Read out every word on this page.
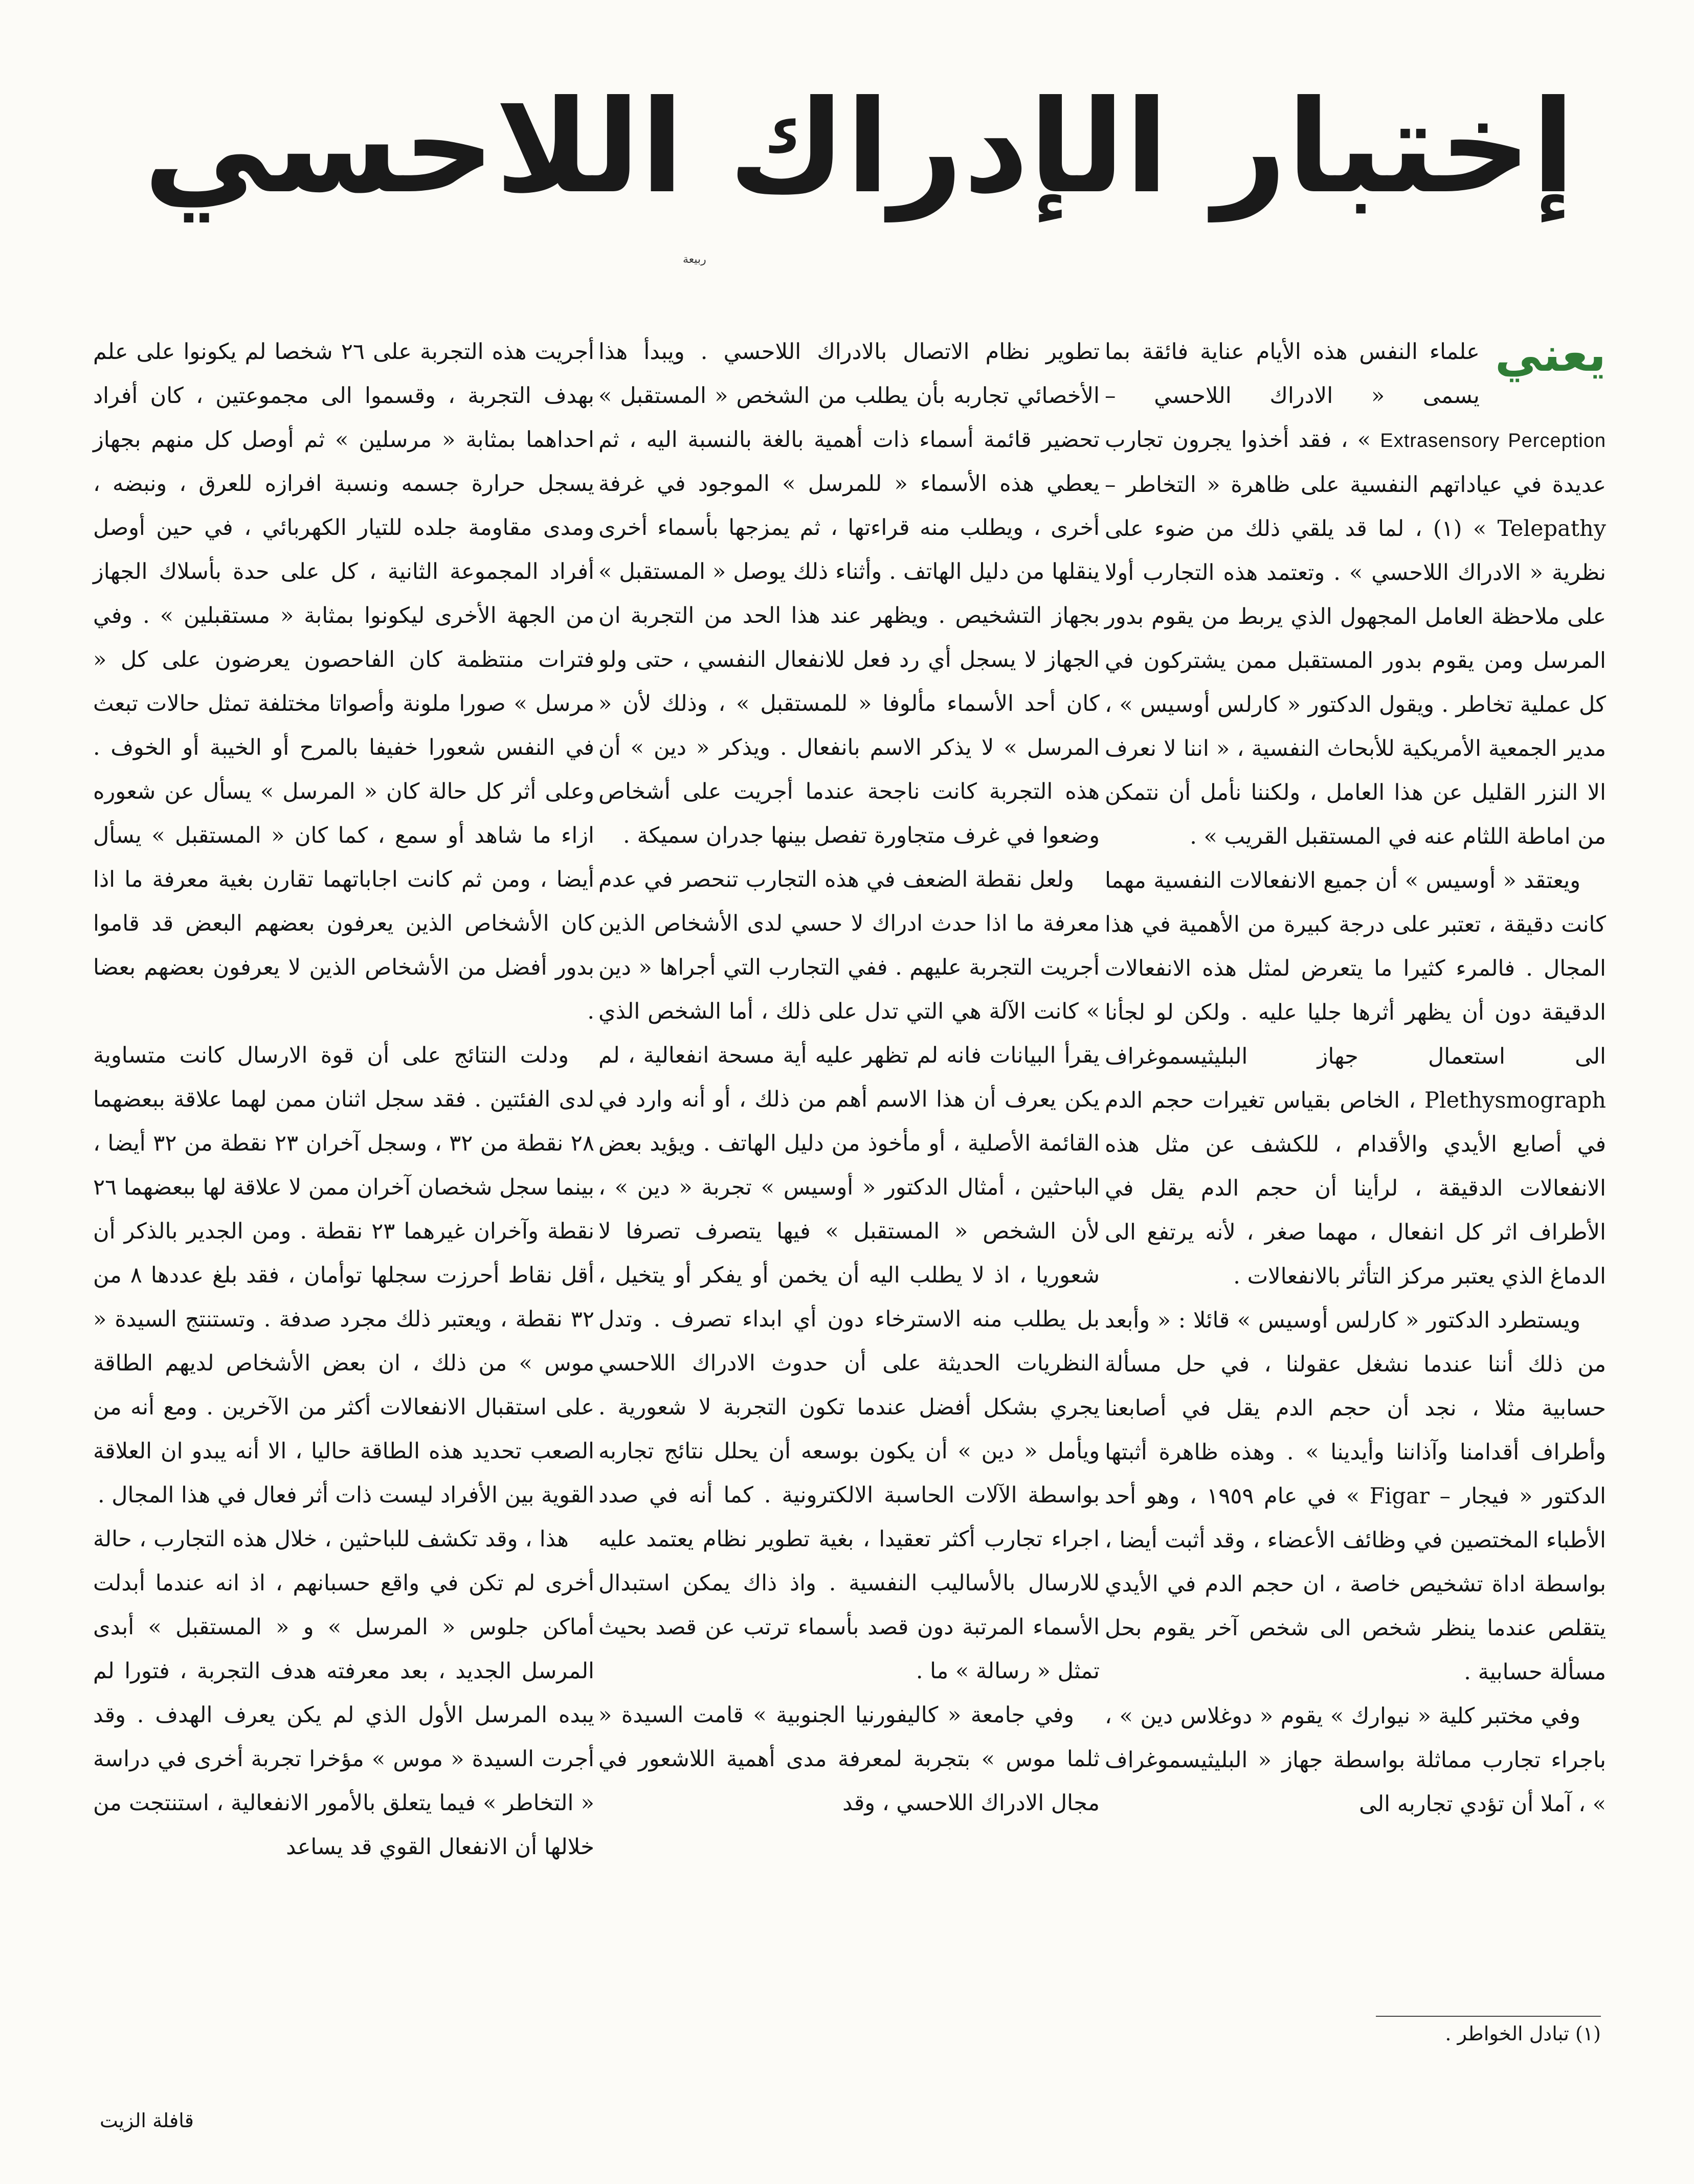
إختبار الإدراك اللاحسي
ربيعة

يعني
علماء النفس هذه الأيام عناية فائقة بما يسمى « الادراك اللاحسي – Extrasensory Perception » ، فقد أخذوا يجرون تجارب عديدة في عياداتهم النفسية على ظاهرة « التخاطر – Telepathy » (١) ، لما قد يلقي ذلك من ضوء على نظرية « الادراك اللاحسي » . وتعتمد هذه التجارب أولا على ملاحظة العامل المجهول الذي يربط من يقوم بدور المرسل ومن يقوم بدور المستقبل ممن يشتركون في كل عملية تخاطر . ويقول الدكتور « كارلس أوسيس » ، مدير الجمعية الأمريكية للأبحاث النفسية ، « اننا لا نعرف الا النزر القليل عن هذا العامل ، ولكننا نأمل أن نتمكن من اماطة اللثام عنه في المستقبل القريب » .

ويعتقد « أوسيس » أن جميع الانفعالات النفسية مهما كانت دقيقة ، تعتبر على درجة كبيرة من الأهمية في هذا المجال . فالمرء كثيرا ما يتعرض لمثل هذه الانفعالات الدقيقة دون أن يظهر أثرها جليا عليه . ولكن لو لجأنا الى استعمال جهاز البليثيسموغراف Plethysmograph ، الخاص بقياس تغيرات حجم الدم في أصابع الأيدي والأقدام ، للكشف عن مثل هذه الانفعالات الدقيقة ، لرأينا أن حجم الدم يقل في الأطراف اثر كل انفعال ، مهما صغر ، لأنه يرتفع الى الدماغ الذي يعتبر مركز التأثر بالانفعالات .

ويستطرد الدكتور « كارلس أوسيس » قائلا : « وأبعد من ذلك أننا عندما نشغل عقولنا ، في حل مسألة حسابية مثلا ، نجد أن حجم الدم يقل في أصابعنا وأطراف أقدامنا وآذاننا وأيدينا » . وهذه ظاهرة أثبتها الدكتور « فيجار – Figar » في عام ١٩٥٩ ، وهو أحد الأطباء المختصين في وظائف الأعضاء ، وقد أثبت أيضا ، بواسطة اداة تشخيص خاصة ، ان حجم الدم في الأيدي يتقلص عندما ينظر شخص الى شخص آخر يقوم بحل مسألة حسابية .

وفي مختبر كلية « نيوارك » يقوم « دوغلاس دين » ، باجراء تجارب مماثلة بواسطة جهاز « البليثيسموغراف » ، آملا أن تؤدي تجاربه الى

تطوير نظام الاتصال بالادراك اللاحسي . ويبدأ هذا الأخصائي تجاربه بأن يطلب من الشخص « المستقبل » تحضير قائمة أسماء ذات أهمية بالغة بالنسبة اليه ، ثم يعطي هذه الأسماء « للمرسل » الموجود في غرفة أخرى ، ويطلب منه قراءتها ، ثم يمزجها بأسماء أخرى ينقلها من دليل الهاتف . وأثناء ذلك يوصل « المستقبل » بجهاز التشخيص . ويظهر عند هذا الحد من التجربة ان الجهاز لا يسجل أي رد فعل للانفعال النفسي ، حتى ولو كان أحد الأسماء مألوفا « للمستقبل » ، وذلك لأن « المرسل » لا يذكر الاسم بانفعال . ويذكر « دين » أن هذه التجربة كانت ناجحة عندما أجريت على أشخاص وضعوا في غرف متجاورة تفصل بينها جدران سميكة .

ولعل نقطة الضعف في هذه التجارب تنحصر في عدم معرفة ما اذا حدث ادراك لا حسي لدى الأشخاص الذين أجريت التجربة عليهم . ففي التجارب التي أجراها « دين » كانت الآلة هي التي تدل على ذلك ، أما الشخص الذي يقرأ البيانات فانه لم تظهر عليه أية مسحة انفعالية ، لم يكن يعرف أن هذا الاسم أهم من ذلك ، أو أنه وارد في القائمة الأصلية ، أو مأخوذ من دليل الهاتف . ويؤيد بعض الباحثين ، أمثال الدكتور « أوسيس » تجربة « دين » ، لأن الشخص « المستقبل » فيها يتصرف تصرفا لا شعوريا ، اذ لا يطلب اليه أن يخمن أو يفكر أو يتخيل ، بل يطلب منه الاسترخاء دون أي ابداء تصرف . وتدل النظريات الحديثة على أن حدوث الادراك اللاحسي يجري بشكل أفضل عندما تكون التجربة لا شعورية . ويأمل « دين » أن يكون بوسعه أن يحلل نتائج تجاربه بواسطة الآلات الحاسبة الالكترونية . كما أنه في صدد اجراء تجارب أكثر تعقيدا ، بغية تطوير نظام يعتمد عليه للارسال بالأساليب النفسية . واذ ذاك يمكن استبدال الأسماء المرتبة دون قصد بأسماء ترتب عن قصد بحيث تمثل « رسالة » ما .

وفي جامعة « كاليفورنيا الجنوبية » قامت السيدة « ثلما موس » بتجربة لمعرفة مدى أهمية اللاشعور في مجال الادراك اللاحسي ، وقد

أجريت هذه التجربة على ٢٦ شخصا لم يكونوا على علم بهدف التجربة ، وقسموا الى مجموعتين ، كان أفراد احداهما بمثابة « مرسلين » ثم أوصل كل منهم بجهاز يسجل حرارة جسمه ونسبة افرازه للعرق ، ونبضه ، ومدى مقاومة جلده للتيار الكهربائي ، في حين أوصل أفراد المجموعة الثانية ، كل على حدة بأسلاك الجهاز من الجهة الأخرى ليكونوا بمثابة « مستقبلين » . وفي فترات منتظمة كان الفاحصون يعرضون على كل « مرسل » صورا ملونة وأصواتا مختلفة تمثل حالات تبعث في النفس شعورا خفيفا بالمرح أو الخيبة أو الخوف . وعلى أثر كل حالة كان « المرسل » يسأل عن شعوره ازاء ما شاهد أو سمع ، كما كان « المستقبل » يسأل أيضا ، ومن ثم كانت اجاباتهما تقارن بغية معرفة ما اذا كان الأشخاص الذين يعرفون بعضهم البعض قد قاموا بدور أفضل من الأشخاص الذين لا يعرفون بعضهم بعضا .

ودلت النتائج على أن قوة الارسال كانت متساوية لدى الفئتين . فقد سجل اثنان ممن لهما علاقة ببعضهما ٢٨ نقطة من ٣٢ ، وسجل آخران ٢٣ نقطة من ٣٢ أيضا ، بينما سجل شخصان آخران ممن لا علاقة لها ببعضهما ٢٦ نقطة وآخران غيرهما ٢٣ نقطة . ومن الجدير بالذكر أن أقل نقاط أحرزت سجلها توأمان ، فقد بلغ عددها ٨ من ٣٢ نقطة ، ويعتبر ذلك مجرد صدفة . وتستنتج السيدة « موس » من ذلك ، ان بعض الأشخاص لديهم الطاقة على استقبال الانفعالات أكثر من الآخرين . ومع أنه من الصعب تحديد هذه الطاقة حاليا ، الا أنه يبدو ان العلاقة القوية بين الأفراد ليست ذات أثر فعال في هذا المجال .

هذا ، وقد تكشف للباحثين ، خلال هذه التجارب ، حالة أخرى لم تكن في واقع حسبانهم ، اذ انه عندما أبدلت أماكن جلوس « المرسل » و « المستقبل » أبدى المرسل الجديد ، بعد معرفته هدف التجربة ، فتورا لم يبده المرسل الأول الذي لم يكن يعرف الهدف . وقد أجرت السيدة « موس » مؤخرا تجربة أخرى في دراسة « التخاطر » فيما يتعلق بالأمور الانفعالية ، استنتجت من خلالها أن الانفعال القوي قد يساعد

(١) تبادل الخواطر .
قافلة الزيت
